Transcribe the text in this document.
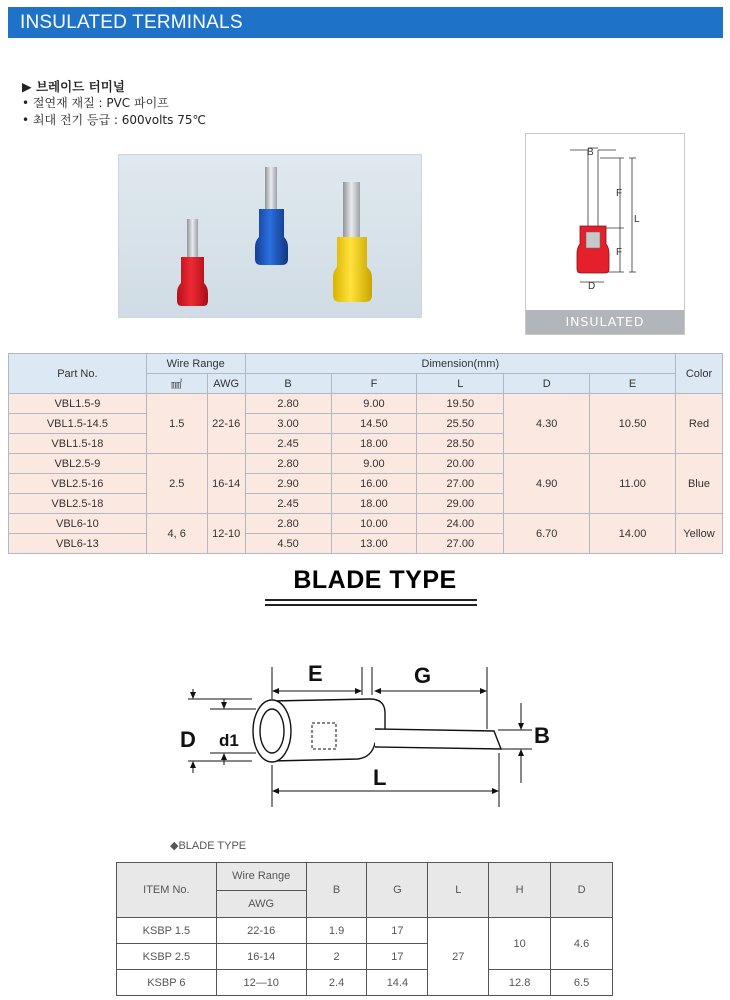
INSULATED TERMINALS
▶ 브레이드 터미널
• 절연재 재질 : PVC 파이프
• 최대 전기 등급 : 600volts 75℃
B
F
L
F
D
INSULATED
Part No.	Wire Range		Dimension(mm)					Color
	㎟	AWG	B	F	L	D	E	
VBL1.5-9	1.5	22-16	2.80	9.00	19.50	4.30	10.50	Red
VBL1.5-14.5			3.00	14.50	25.50			
VBL1.5-18			2.45	18.00	28.50			
VBL2.5-9	2.5	16-14	2.80	9.00	20.00	4.90	11.00	Blue
VBL2.5-16			2.90	16.00	27.00			
VBL2.5-18			2.45	18.00	29.00			
VBL6-10	4, 6	12-10	2.80	10.00	24.00	6.70	14.00	Yellow
VBL6-13			4.50	13.00	27.00			
BLADE TYPE
E	G
D d1	B
L
◆BLADE TYPE
ITEM No.	Wire Range	B	G	L	H	D
	AWG					
KSBP 1.5	22-16	1.9	17	27	10	4.6
KSBP 2.5	16-14	2	17			
KSBP 6	12—10	2.4	14.4		12.8	6.5
